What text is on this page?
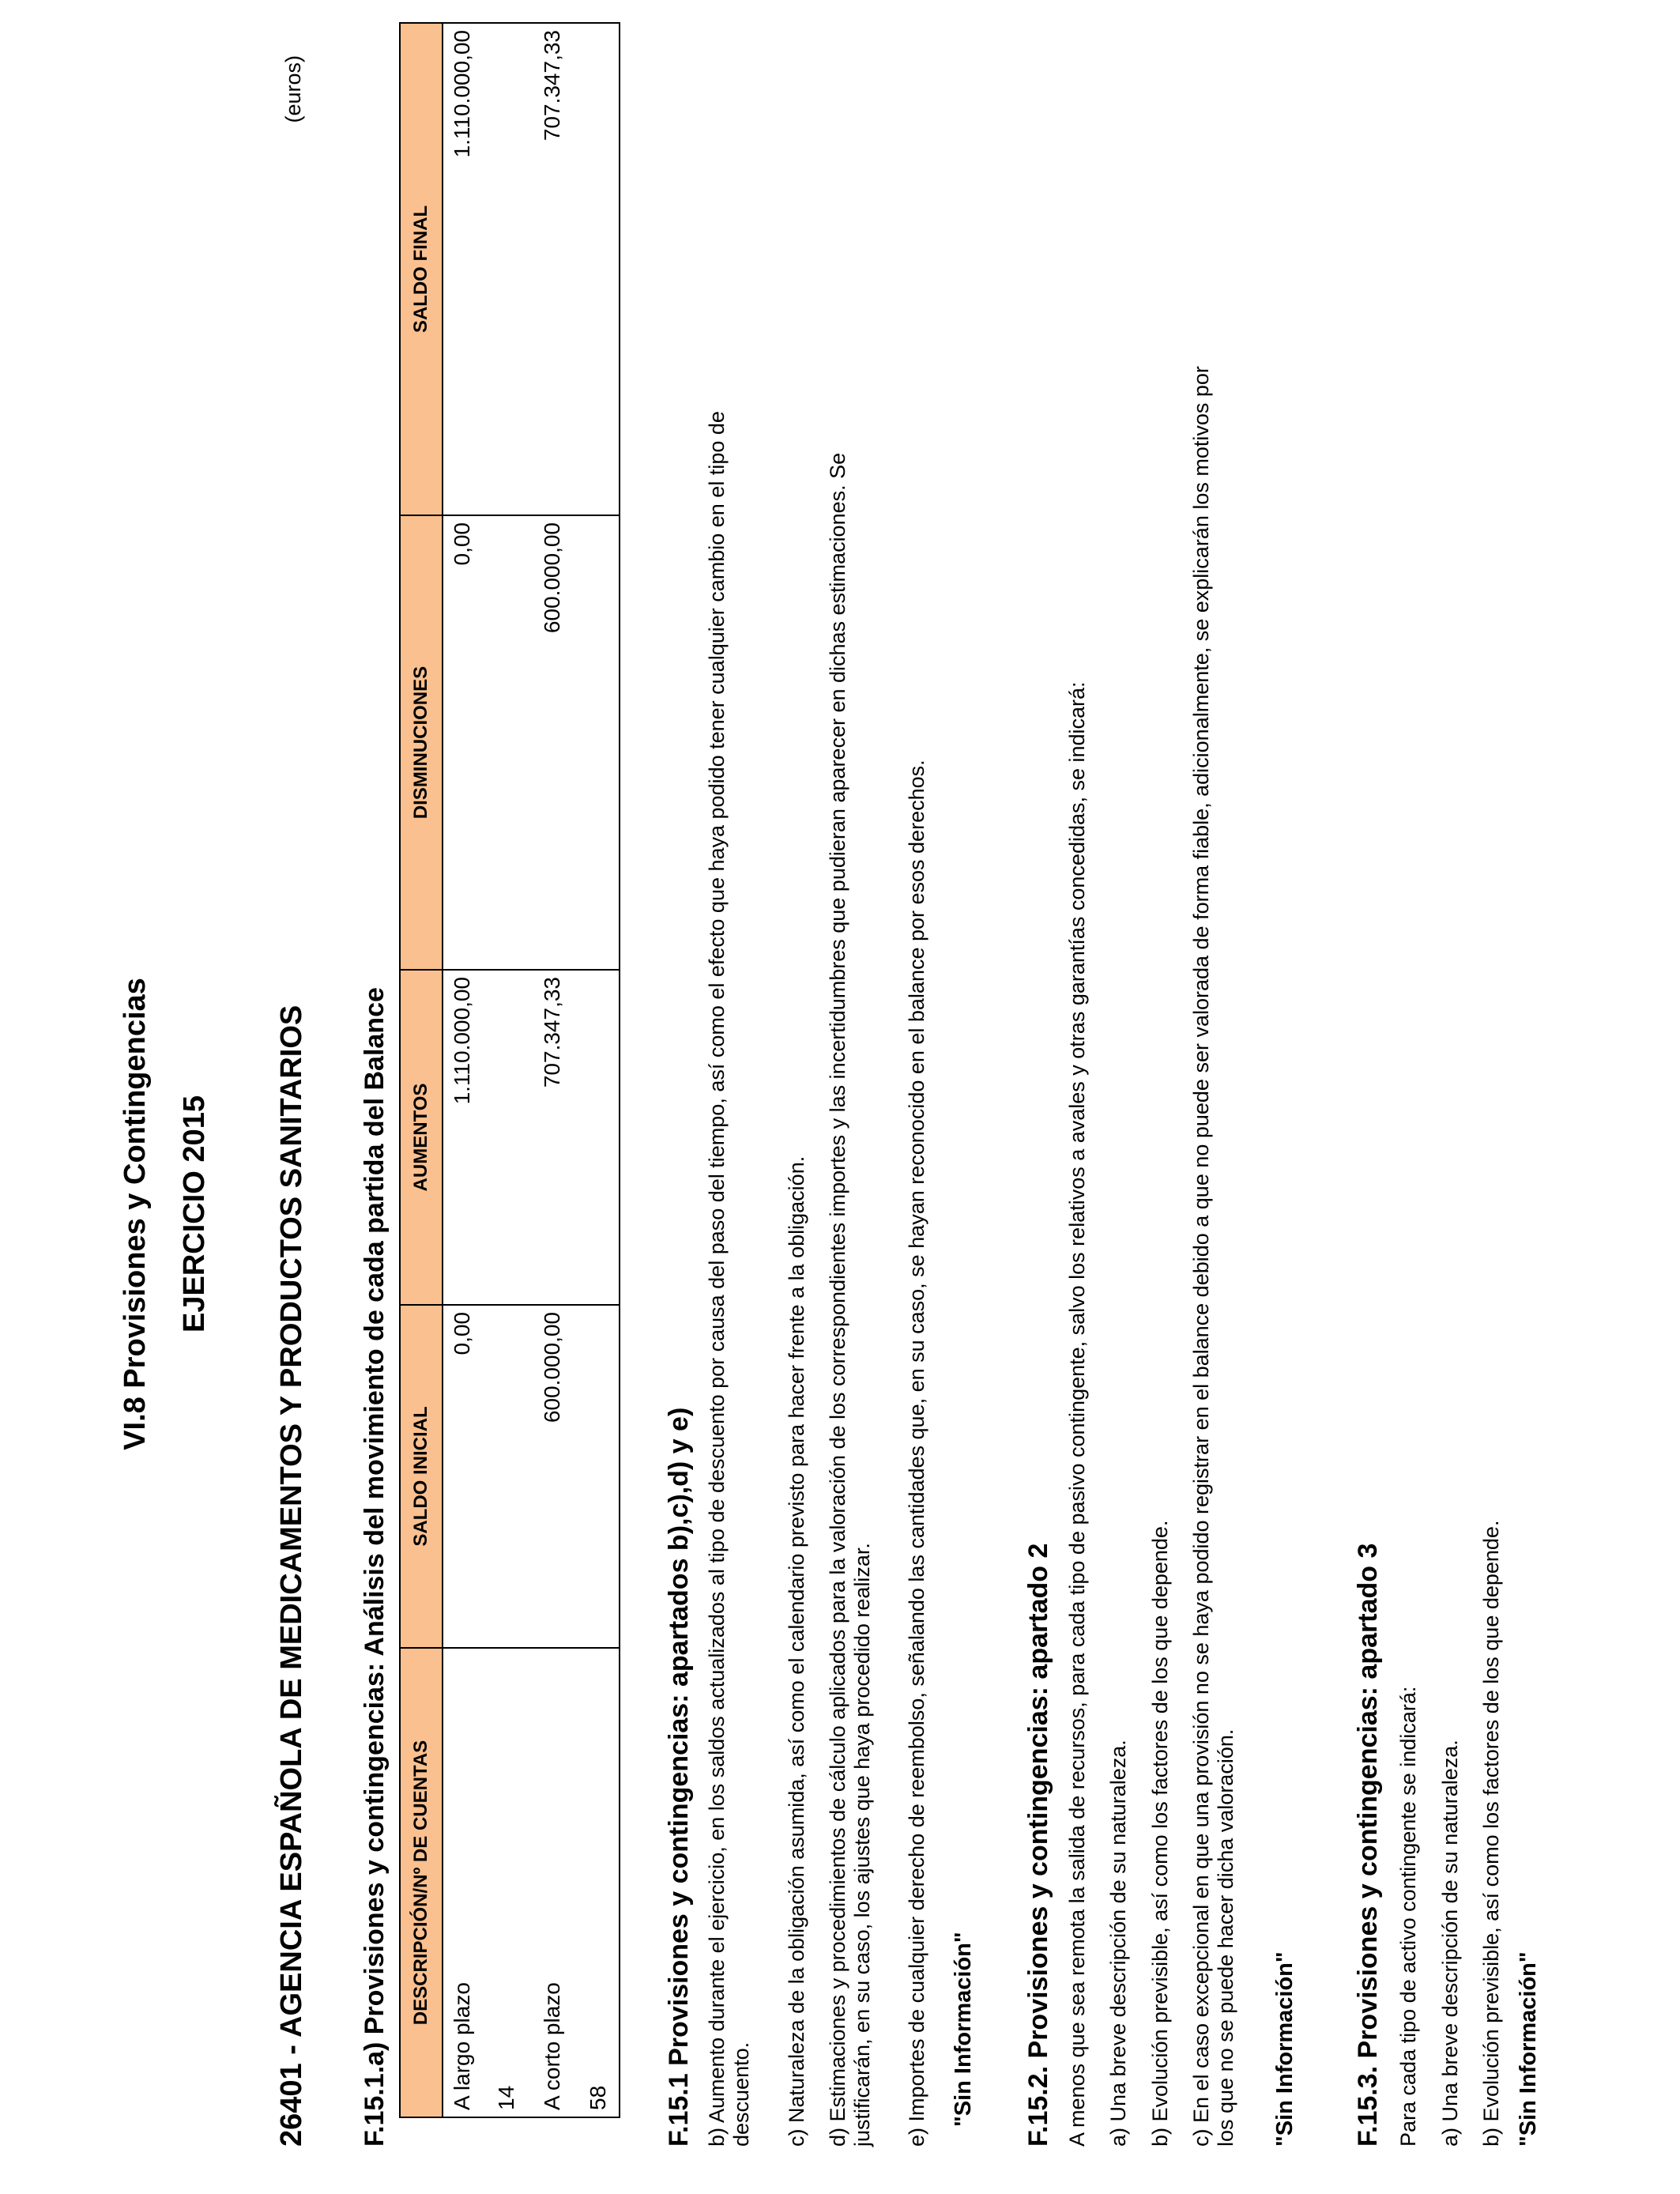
VI.8 Provisiones y Contingencias EJERCICIO 2015
(euros)
26401 - AGENCIA ESPAÑOLA DE MEDICAMENTOS Y PRODUCTOS SANITARIOS F.15.1.a) Provisiones y contingencias: Análisis del movimiento de cada partida del Balance DESCRIPCIÓN/Nº DE CUENTAS	SALDO INICIAL	AUMENTOS	DISMINUCIONES	SALDO FINAL
A largo plazo	0,00	1.110.000,00	0,00	1.110.000,00
14				
A corto plazo	600.000,00	707.347,33	600.000,00	707.347,33
58				F.15.1 Provisiones y contingencias: apartados b),c),d) y e) b) Aumento durante el ejercicio, en los saldos actualizados al tipo de descuento por causa del paso del tiempo, así como el efecto que haya podido tener cualquier cambio en el tipo de descuento. c) Naturaleza de la obligación asumida, así como el calendario previsto para hacer frente a la obligación. d) Estimaciones y procedimientos de cálculo aplicados para la valoración de los correspondientes importes y las incertidumbres que pudieran aparecer en dichas estimaciones. Se justificarán, en su caso, los ajustes que haya procedido realizar. e) Importes de cualquier derecho de reembolso, señalando las cantidades que, en su caso, se hayan reconocido en el balance por esos derechos. "Sin Información" F.15.2. Provisiones y contingencias: apartado 2 A menos que sea remota la salida de recursos, para cada tipo de pasivo contingente, salvo los relativos a avales y otras garantías concedidas, se indicará: a) Una breve descripción de su naturaleza. b) Evolución previsible, así como los factores de los que depende. c) En el caso excepcional en que una provisión no se haya podido registrar en el balance debido a que no puede ser valorada de forma fiable, adicionalmente, se explicarán los motivos por los que no se puede hacer dicha valoración. "Sin Información" F.15.3. Provisiones y contingencias: apartado 3 Para cada tipo de activo contingente se indicará: a) Una breve descripción de su naturaleza. b) Evolución previsible, así como los factores de los que depende. "Sin Información"
